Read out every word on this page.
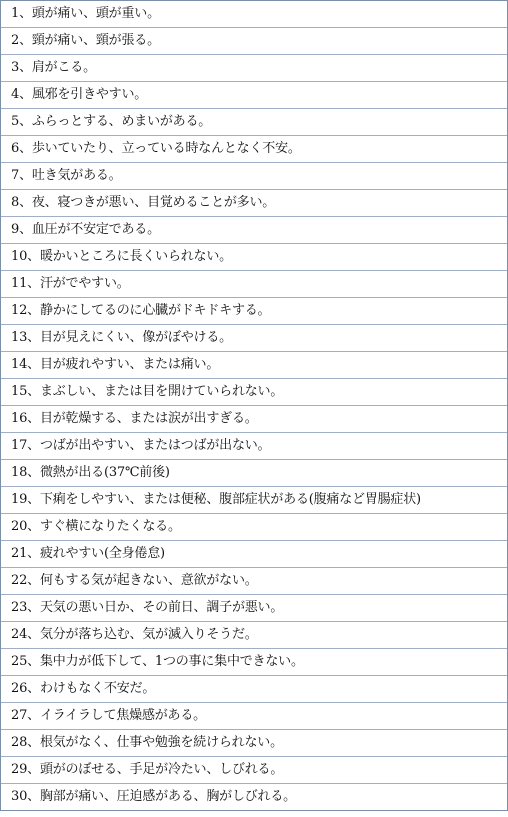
1、頭が痛い、頭が重い。
2、頸が痛い、頸が張る。
3、肩がこる。
4、風邪を引きやすい。
5、ふらっとする、めまいがある。
6、歩いていたり、立っている時なんとなく不安。
7、吐き気がある。
8、夜、寝つきが悪い、目覚めることが多い。
9、血圧が不安定である。
10、暖かいところに長くいられない。
11、汗がでやすい。
12、静かにしてるのに心臓がドキドキする。
13、目が見えにくい、像がぼやける。
14、目が疲れやすい、または痛い。
15、まぶしい、または目を開けていられない。
16、目が乾燥する、または涙が出すぎる。
17、つばが出やすい、またはつばが出ない。
18、微熱が出る(37℃前後)
19、下痢をしやすい、または便秘、腹部症状がある(腹痛など胃腸症状)
20、すぐ横になりたくなる。
21、疲れやすい(全身倦怠)
22、何もする気が起きない、意欲がない。
23、天気の悪い日か、その前日、調子が悪い。
24、気分が落ち込む、気が滅入りそうだ。
25、集中力が低下して、1つの事に集中できない。
26、わけもなく不安だ。
27、イライラして焦燥感がある。
28、根気がなく、仕事や勉強を続けられない。
29、頭がのぼせる、手足が冷たい、しびれる。
30、胸部が痛い、圧迫感がある、胸がしびれる。
